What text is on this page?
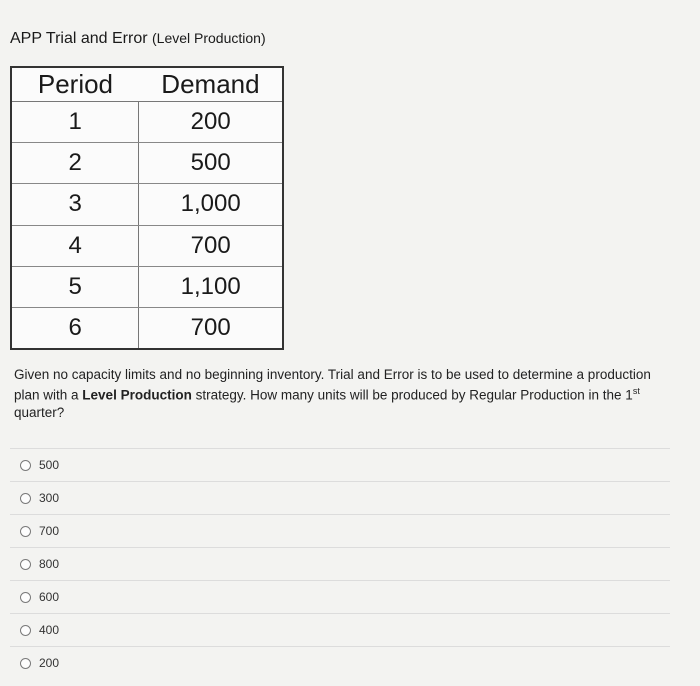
APP Trial and Error (Level Production)
Period	Demand
1	200
2	500
3	1,000
4	700
5	1,100
6	700
Given no capacity limits and no beginning inventory. Trial and Error is to be used to determine a production plan with a Level Production strategy. How many units will be produced by Regular Production in the 1st quarter?
500
300
700
800
600
400
200
